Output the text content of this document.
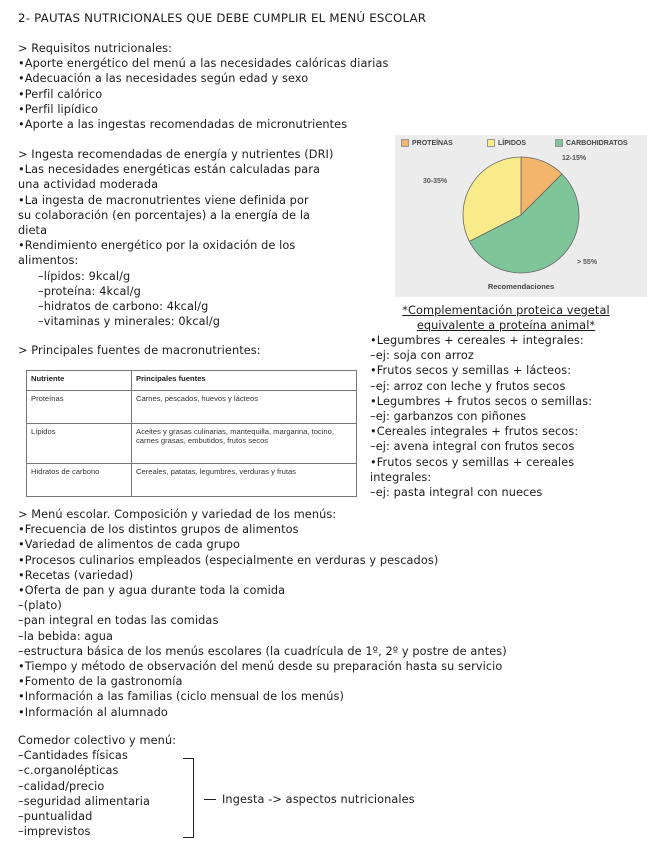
2- PAUTAS NUTRICIONALES QUE DEBE CUMPLIR EL MENÚ ESCOLAR
> Requisitos nutricionales:
•Aporte energético del menú a las necesidades calóricas diarias
•Adecuación a las necesidades según edad y sexo
•Perfil calórico
•Perfil lipídico
•Aporte a las ingestas recomendadas de micronutrientes
> Ingesta recomendadas de energía y nutrientes (DRI)
•Las necesidades energéticas están calculadas para
una actividad moderada
•La ingesta de macronutrientes viene definida por
su colaboración (en porcentajes) a la energía de la
dieta
•Rendimiento energético por la oxidación de los
alimentos:
–lípidos: 9kcal/g
–proteína: 4kcal/g
–hidratos de carbono: 4kcal/g
–vitaminas y minerales: 0kcal/g
> Principales fuentes de macronutrientes:
Nutriente	Principales fuentes
Proteínas	Carnes, pescados, huevos y lácteos
Lípidos	Aceites y grasas culinarias, mantequilla, margarina, tocino, carnes grasas, embutidos, frutos secos
Hidratos de carbono	Cereales, patatas, legumbres, verduras y frutas
PROTEÍNAS	LÍPIDOS	CARBOHIDRATOS
12-15%
30-35%
> 55%
Recomendaciones
*Complementación proteica vegetal
equivalente a proteína animal*
•Legumbres + cereales + integrales:
–ej: soja con arroz
•Frutos secos y semillas + lácteos:
–ej: arroz con leche y frutos secos
•Legumbres + frutos secos o semillas:
–ej: garbanzos con piñones
•Cereales integrales + frutos secos:
–ej: avena integral con frutos secos
•Frutos secos y semillas + cereales
integrales:
–ej: pasta integral con nueces
> Menú escolar. Composición y variedad de los menús:
•Frecuencia de los distintos grupos de alimentos
•Variedad de alimentos de cada grupo
•Procesos culinarios empleados (especialmente en verduras y pescados)
•Recetas (variedad)
•Oferta de pan y agua durante toda la comida
–(plato)
–pan integral en todas las comidas
–la bebida: agua
–estructura básica de los menús escolares (la cuadrícula de 1º, 2º y postre de antes)
•Tiempo y método de observación del menú desde su preparación hasta su servicio
•Fomento de la gastronomía
•Información a las familias (ciclo mensual de los menús)
•Información al alumnado
Comedor colectivo y menú:
–Cantidades físicas
–c.organolépticas
–calidad/precio
–seguridad alimentaria
–puntualidad
–imprevistos
Ingesta -> aspectos nutricionales
